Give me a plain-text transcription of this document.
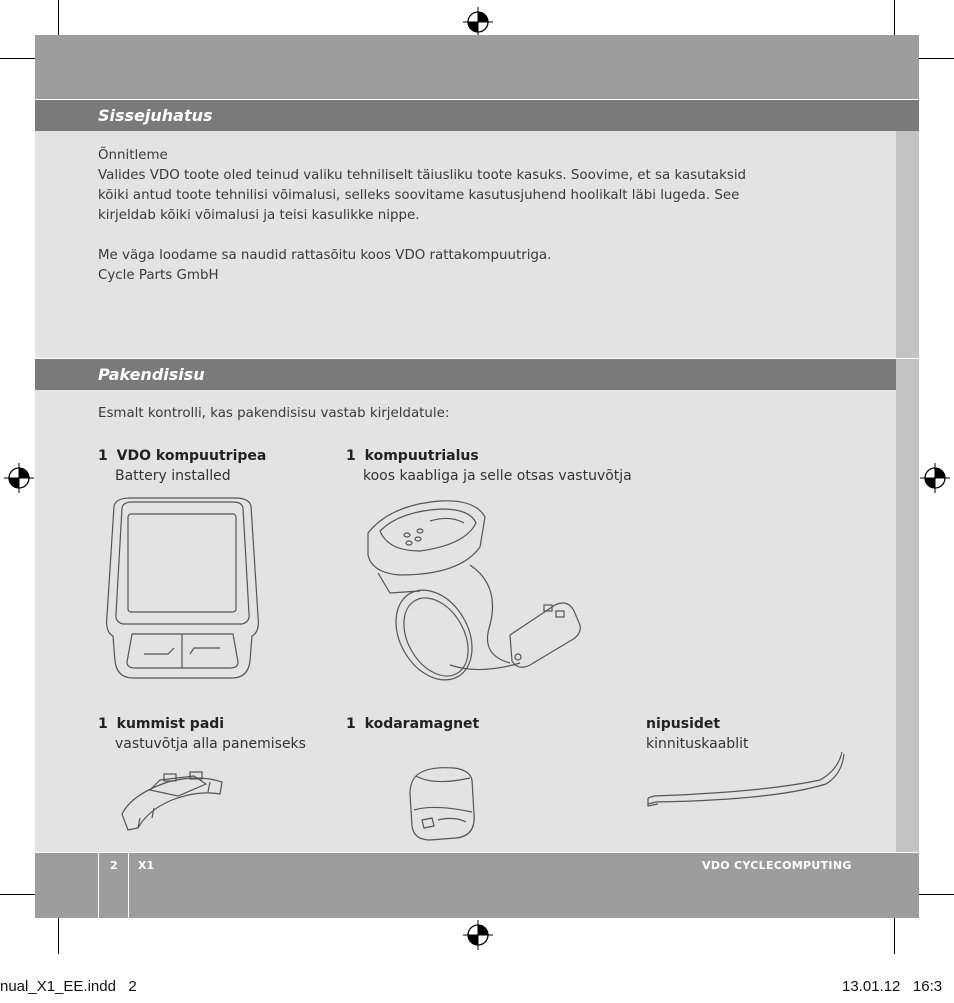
Sissejuhatus
Õnnitleme
Valides VDO toote oled teinud valiku tehniliselt täiusliku toote kasuks. Soovime, et sa kasutaksid
kõiki antud toote tehnilisi võimalusi, selleks soovitame kasutusjuhend hoolikalt läbi lugeda. See
kirjeldab kõiki võimalusi ja teisi kasulikke nippe.
Me väga loodame sa naudid rattasõitu koos VDO rattakompuutriga.
Cycle Parts GmbH
Pakendisisu
Esmalt kontrolli, kas pakendisisu vastab kirjeldatule:
1 VDO kompuutripea
Battery installed
1 kompuutrialus
koos kaabliga ja selle otsas vastuvõtja
1 kummist padi
vastuvõtja alla panemiseks
1 kodaramagnet	nipusidet
kinnituskaablit
2 X1	VDO CYCLECOMPUTING
nual_X1_EE.indd   2	13.01.12   16:3
